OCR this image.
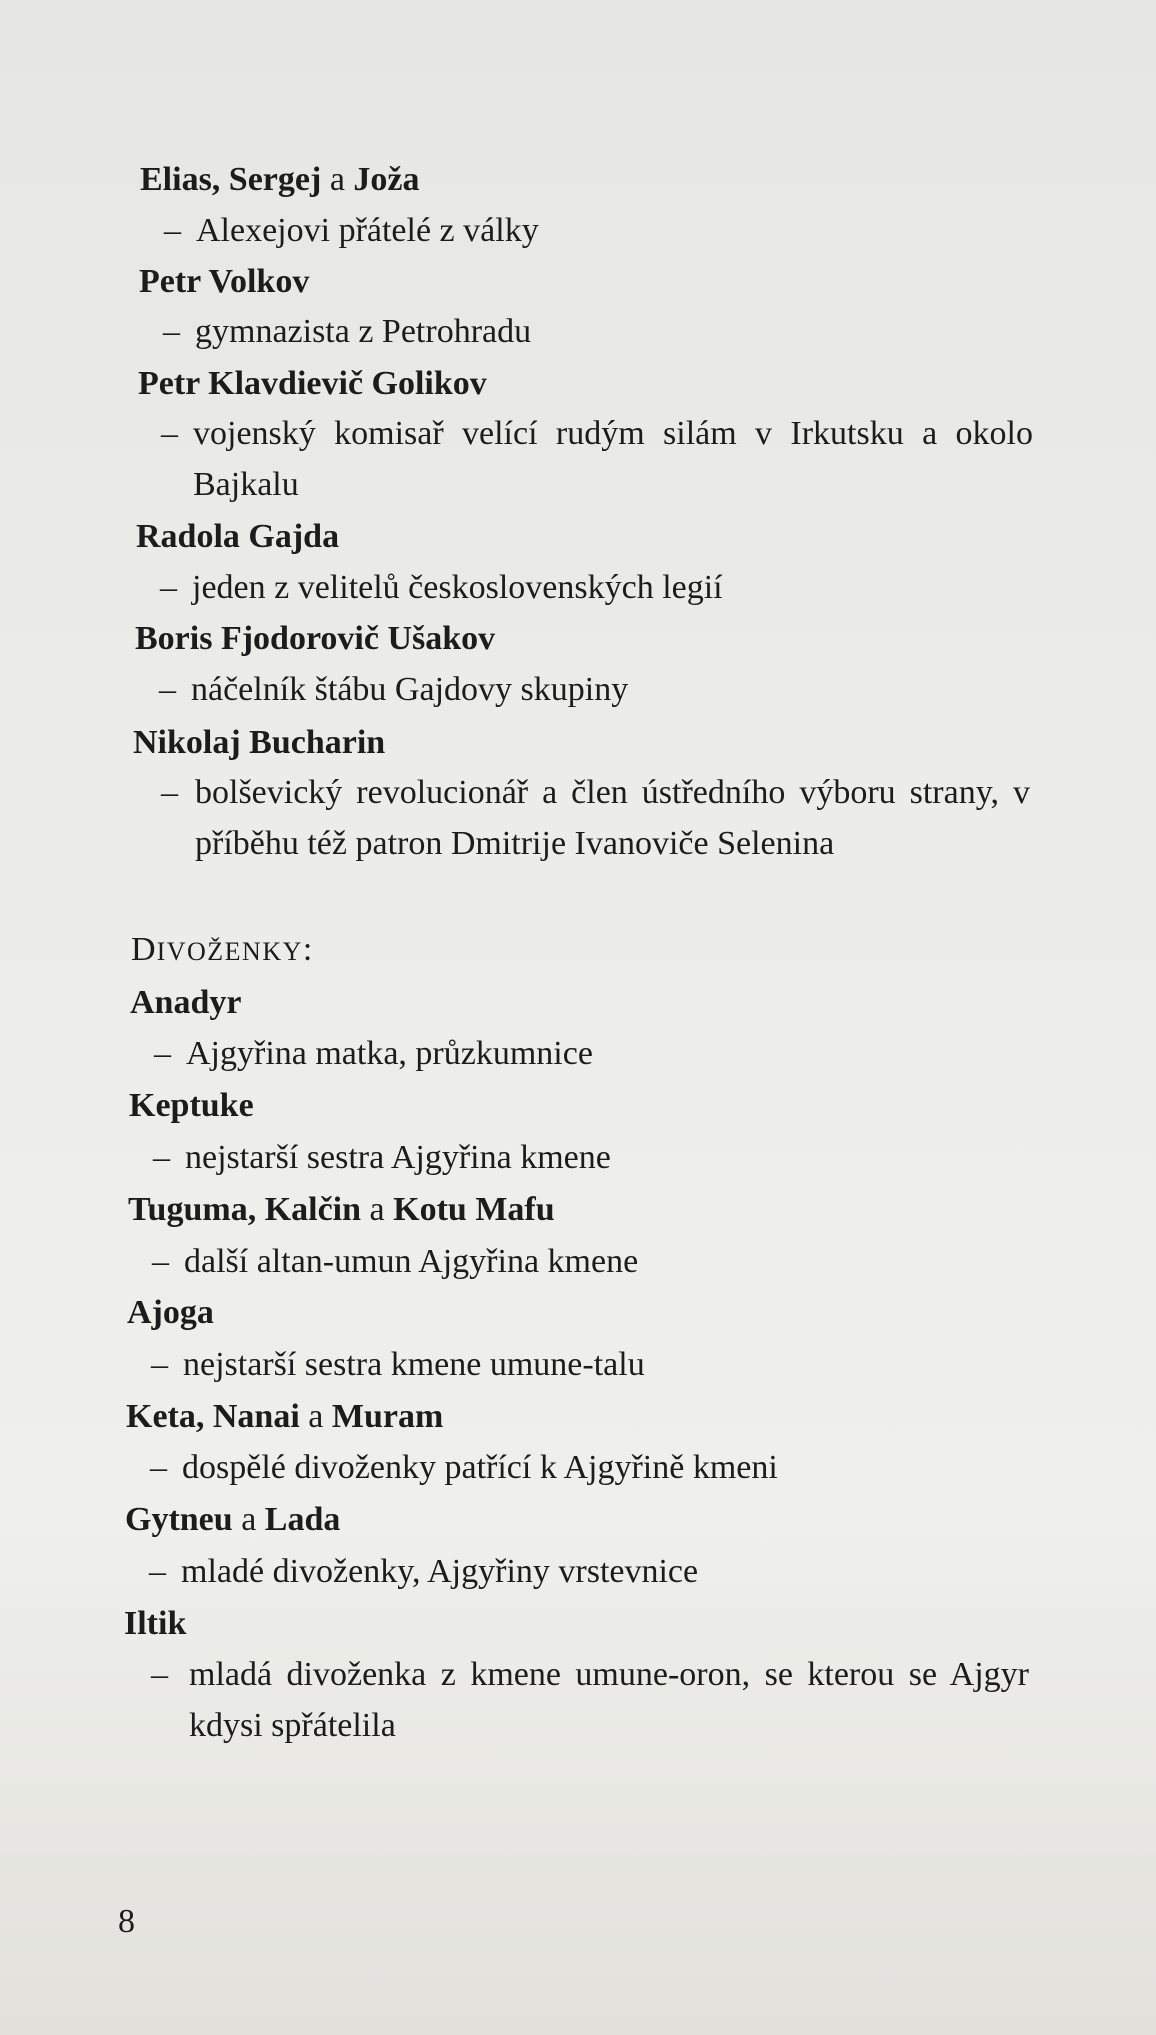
Elias, Sergej a Joža
– Alexejovi přátelé z války
Petr Volkov
– gymnazista z Petrohradu
Petr Klavdievič Golikov
– vojenský komisař velící rudým silám v Irkutsku a okolo Bajkalu
Radola Gajda
– jeden z velitelů československých legií
Boris Fjodorovič Ušakov
– náčelník štábu Gajdovy skupiny
Nikolaj Bucharin
– bolševický revolucionář a člen ústředního výboru strany, v příběhu též patron Dmitrije Ivanoviče Selenina
DIVOŽENKY:
Anadyr
– Ajgyřina matka, průzkumnice
Keptuke
– nejstarší sestra Ajgyřina kmene
Tuguma, Kalčin a Kotu Mafu
– další altan-umun Ajgyřina kmene
Ajoga
– nejstarší sestra kmene umune-talu
Keta, Nanai a Muram
– dospělé divoženky patřící k Ajgyřině kmeni
Gytneu a Lada
– mladé divoženky, Ajgyřiny vrstevnice
Iltik
– mladá divoženka z kmene umune-oron, se kterou se Ajgyr kdysi spřátelila
8
